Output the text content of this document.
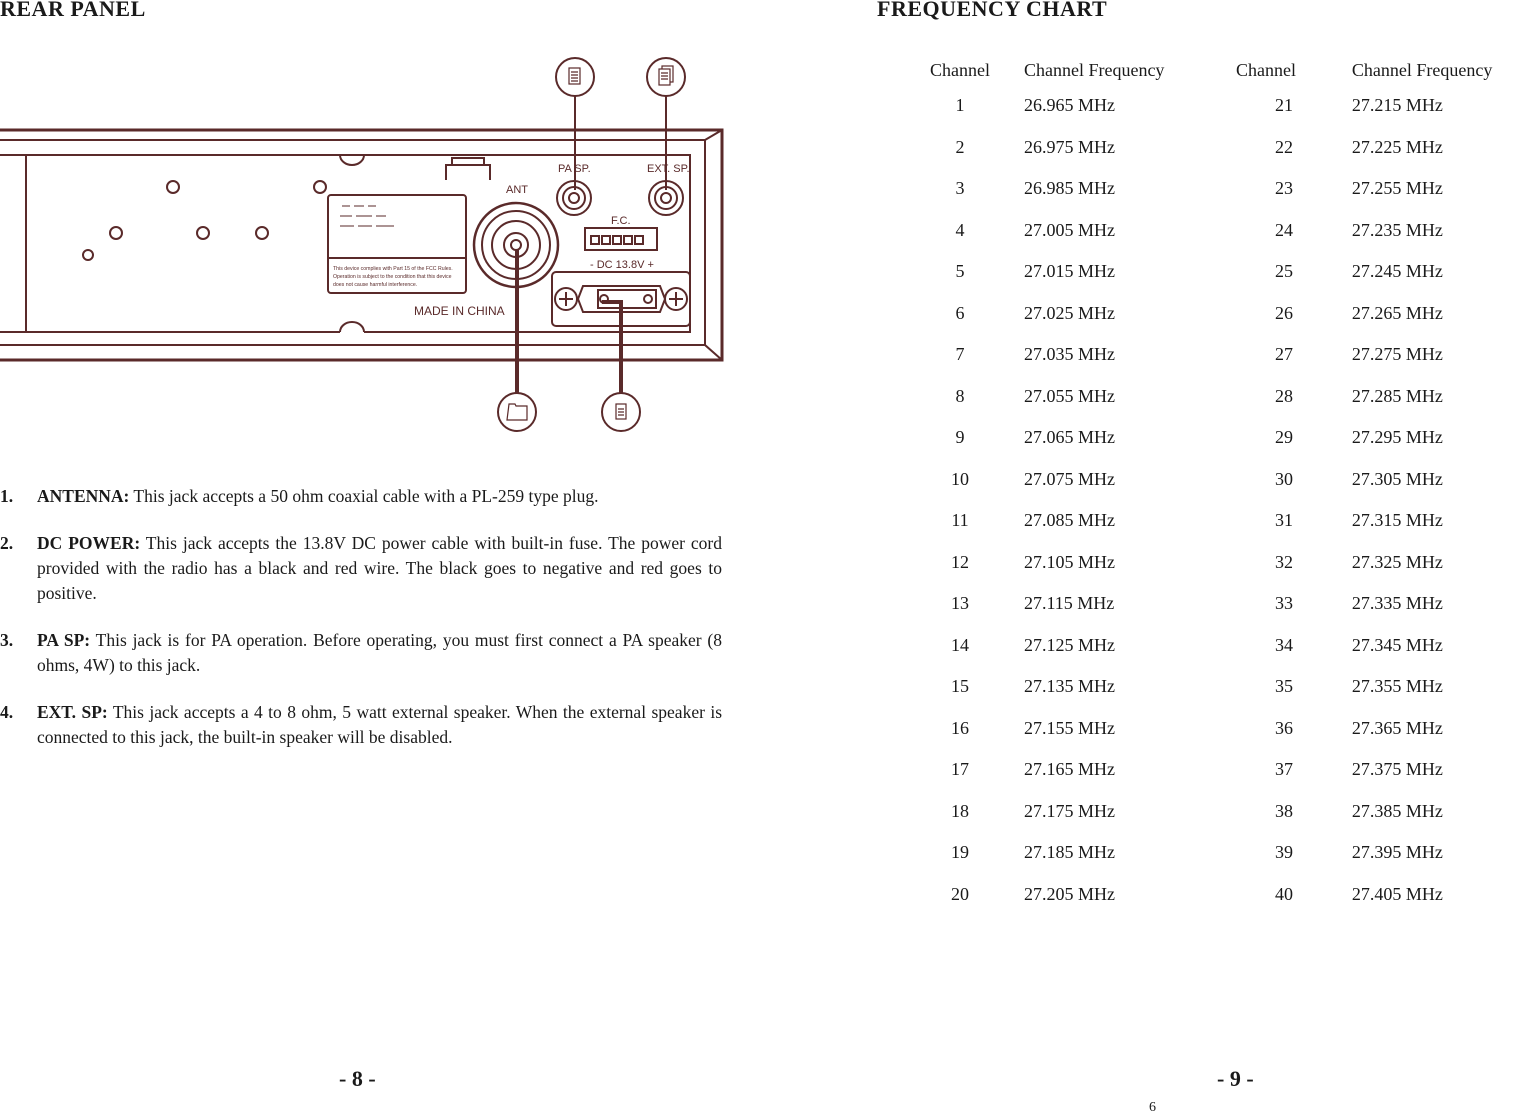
REAR PANEL	FREQUENCY CHART
PA SP.	EXT. SP.
ANT
F.C.
- DC 13.8V +
MADE IN CHINA
This device complies with Part 15 of the FCC Rules.
Operation is subject to the condition that this device
does not cause harmful interference.
1. ANTENNA: This jack accepts a 50 ohm coaxial cable with a PL-259 type plug.
2. DC POWER: This jack accepts the 13.8V DC power cable with built-in fuse. The power cord provided with the radio has a black and red wire. The black goes to negative and red goes to positive.
3. PA SP: This jack is for PA operation. Before operating, you must first connect a PA speaker (8 ohms, 4W) to this jack.
4. EXT. SP: This jack accepts a 4 to 8 ohm, 5 watt external speaker. When the external speaker is connected to this jack, the built-in speaker will be disabled.
Channel	Channel Frequency	Channel	Channel Frequency
1	26.965 MHz	21	27.215 MHz
2	26.975 MHz	22	27.225 MHz
3	26.985 MHz	23	27.255 MHz
4	27.005 MHz	24	27.235 MHz
5	27.015 MHz	25	27.245 MHz
6	27.025 MHz	26	27.265 MHz
7	27.035 MHz	27	27.275 MHz
8	27.055 MHz	28	27.285 MHz
9	27.065 MHz	29	27.295 MHz
10	27.075 MHz	30	27.305 MHz
11	27.085 MHz	31	27.315 MHz
12	27.105 MHz	32	27.325 MHz
13	27.115 MHz	33	27.335 MHz
14	27.125 MHz	34	27.345 MHz
15	27.135 MHz	35	27.355 MHz
16	27.155 MHz	36	27.365 MHz
17	27.165 MHz	37	27.375 MHz
18	27.175 MHz	38	27.385 MHz
19	27.185 MHz	39	27.395 MHz
20	27.205 MHz	40	27.405 MHz
- 8 -	- 9 -
6
